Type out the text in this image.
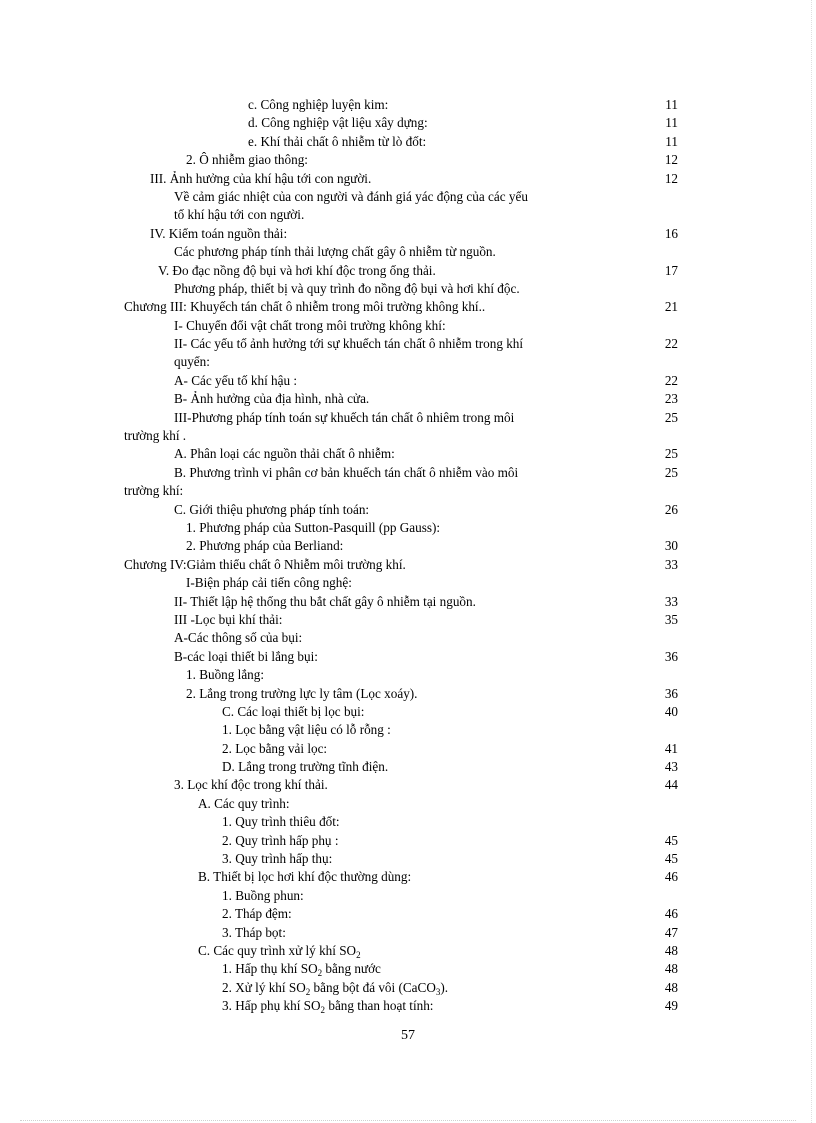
c. Công nghiệp luyện kim:	11
d. Công nghiệp vật liệu xây dựng:	11
e. Khí thải chất ô nhiễm từ lò đốt:	11
2. Ô nhiễm giao thông:	12
III. Ảnh hưởng của khí hậu tới con người.	12
Về cảm giác nhiệt của con người và đánh giá yác động của các yếu
tố khí hậu tới con người.
IV. Kiểm toán nguồn thải:	16
Các phương pháp tính thải lượng chất gây ô nhiễm từ nguồn.
V. Đo đạc nồng độ bụi và hơi khí độc trong ống thải.	17
Phương pháp, thiết bị và quy trình đo nồng độ bụi và hơi khí độc.
Chương III: Khuyếch tán chất ô nhiễm trong môi trường không khí..	21
I- Chuyển đổi vật chất trong môi trường không khí:
II- Các yếu tố ảnh hưởng tới sự khuếch tán chất ô nhiễm trong khí	22
quyển:
A- Các yếu tố khí hậu :	22
B- Ảnh hưởng của địa hình, nhà cửa.	23
III-Phương pháp tính toán sự khuếch tán chất ô nhiêm trong môi	25
trường khí .
A. Phân loại các nguồn thải chất ô nhiễm:	25
B. Phương trình vi phân cơ bản khuếch tán chất ô nhiễm vào môi	25
trường khí:
C. Giới thiệu phương pháp tính toán:	26
1. Phương pháp của Sutton-Pasquill (pp Gauss):
2. Phương pháp của Berliand:	30
Chương IV:Giảm thiểu chất ô Nhiễm môi trường khí.	33
I-Biện pháp cải tiến công nghệ:
II- Thiết lập hệ thống thu bắt chất gây ô nhiễm tại nguồn.	33
III -Lọc bụi khí thải:	35
A-Các thông số của bụi:
B-các loại thiết bi lắng bụi:	36
1. Buồng lắng:
2. Lắng trong trường lực ly tâm (Lọc xoáy).	36
C. Các loại thiết bị lọc bụi:	40
1. Lọc bằng vật liệu có lỗ rỗng :
2. Lọc bằng vải lọc:	41
D. Lắng trong trường tĩnh điện.	43
3. Lọc khí độc trong khí thải.	44
A. Các quy trình:
1. Quy trình thiêu đốt:
2. Quy trình hấp phụ :	45
3. Quy trình hấp thụ:	45
B. Thiết bị lọc hơi khí độc thường dùng:	46
1. Buồng phun:
2. Tháp đệm:	46
3. Tháp bọt:	47
C. Các quy trình xử lý khí $SO_2$	48
1. Hấp thụ khí $SO_2$ bằng nước	48
2. Xử lý khí $SO_2$ bằng bột đá vôi (CaCO$_3$).	48
3. Hấp phụ khí $SO_2$ bằng than hoạt tính:	49
57
